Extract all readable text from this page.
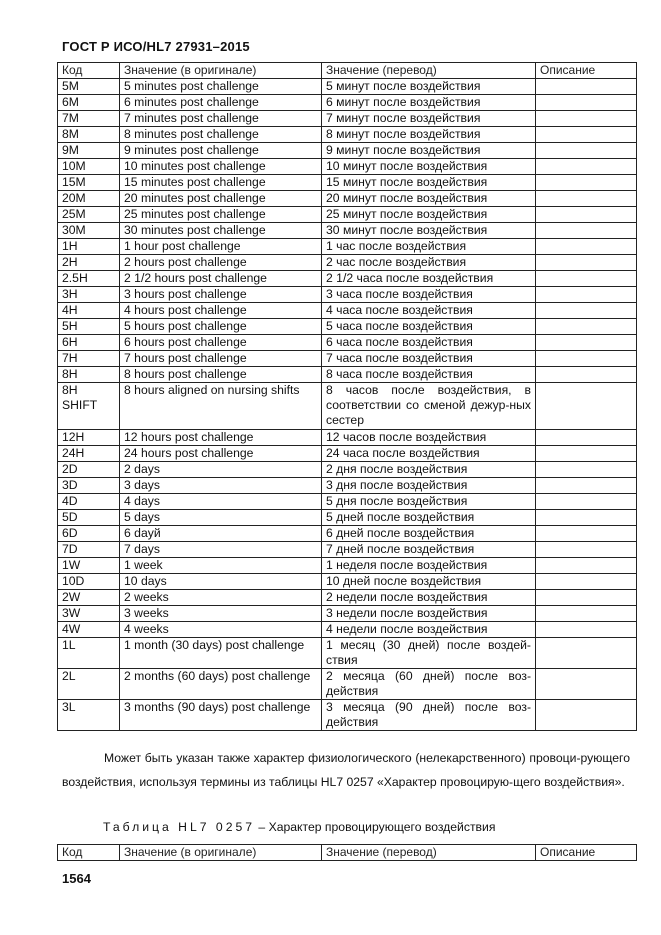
ГОСТ Р ИСО/HL7 27931–2015
Код	Значение (в оригинале)	Значение (перевод)	Описание
5M	5 minutes post challenge	5 минут после воздействия	
6M	6 minutes post challenge	6 минут после воздействия	
7M	7 minutes post challenge	7 минут после воздействия	
8M	8 minutes post challenge	8 минут после воздействия	
9M	9 minutes post challenge	9 минут после воздействия	
10M	10 minutes post challenge	10 минут после воздействия	
15M	15 minutes post challenge	15 минут после воздействия	
20M	20 minutes post challenge	20 минут после воздействия	
25M	25 minutes post challenge	25 минут после воздействия	
30M	30 minutes post challenge	30 минут после воздействия	
1H	1 hour post challenge	1 час после воздействия	
2H	2 hours post challenge	2 час после воздействия	
2.5H	2 1/2 hours post challenge	2 1/2 часа после воздействия	
3H	3 hours post challenge	3 часа после воздействия	
4H	4 hours post challenge	4 часа после воздействия	
5H	5 hours post challenge	5 часа после воздействия	
6H	6 hours post challenge	6 часа после воздействия	
7H	7 hours post challenge	7 часа после воздействия	
8H	8 hours post challenge	8 часа после воздействия	
8H SHIFT	8 hours aligned on nursing shifts	8 часов после воздействия, в соответствии со сменой дежур-ных сестер	
12H	12 hours post challenge	12 часов после воздействия	
24H	24 hours post challenge	24 часа после воздействия	
2D	2 days	2 дня после воздействия	
3D	3 days	3 дня после воздействия	
4D	4 days	5 дня после воздействия	
5D	5 days	5 дней после воздействия	
6D	6 dayй	6 дней после воздействия	
7D	7 days	7 дней после воздействия	
1W	1 week	1 неделя после воздействия	
10D	10 days	10 дней после воздействия	
2W	2 weeks	2 недели после воздействия	
3W	3 weeks	3 недели после воздействия	
4W	4 weeks	4 недели после воздействия	
1L	1 month (30 days) post challenge	1 месяц (30 дней) после воздей-ствия	
2L	2 months (60 days) post challenge	2 месяца (60 дней) после воз-действия	
3L	3 months (90 days) post challenge	3 месяца (90 дней) после воз-действия	

Может быть указан также характер физиологического (нелекарственного) провоци-рующего воздействия, используя термины из таблицы HL7 0257 «Характер провоцирую-щего воздействия».

Таблица HL7 0257 – Характер провоцирующего воздействия

Код	Значение (в оригинале)	Значение (перевод)	Описание
1564
